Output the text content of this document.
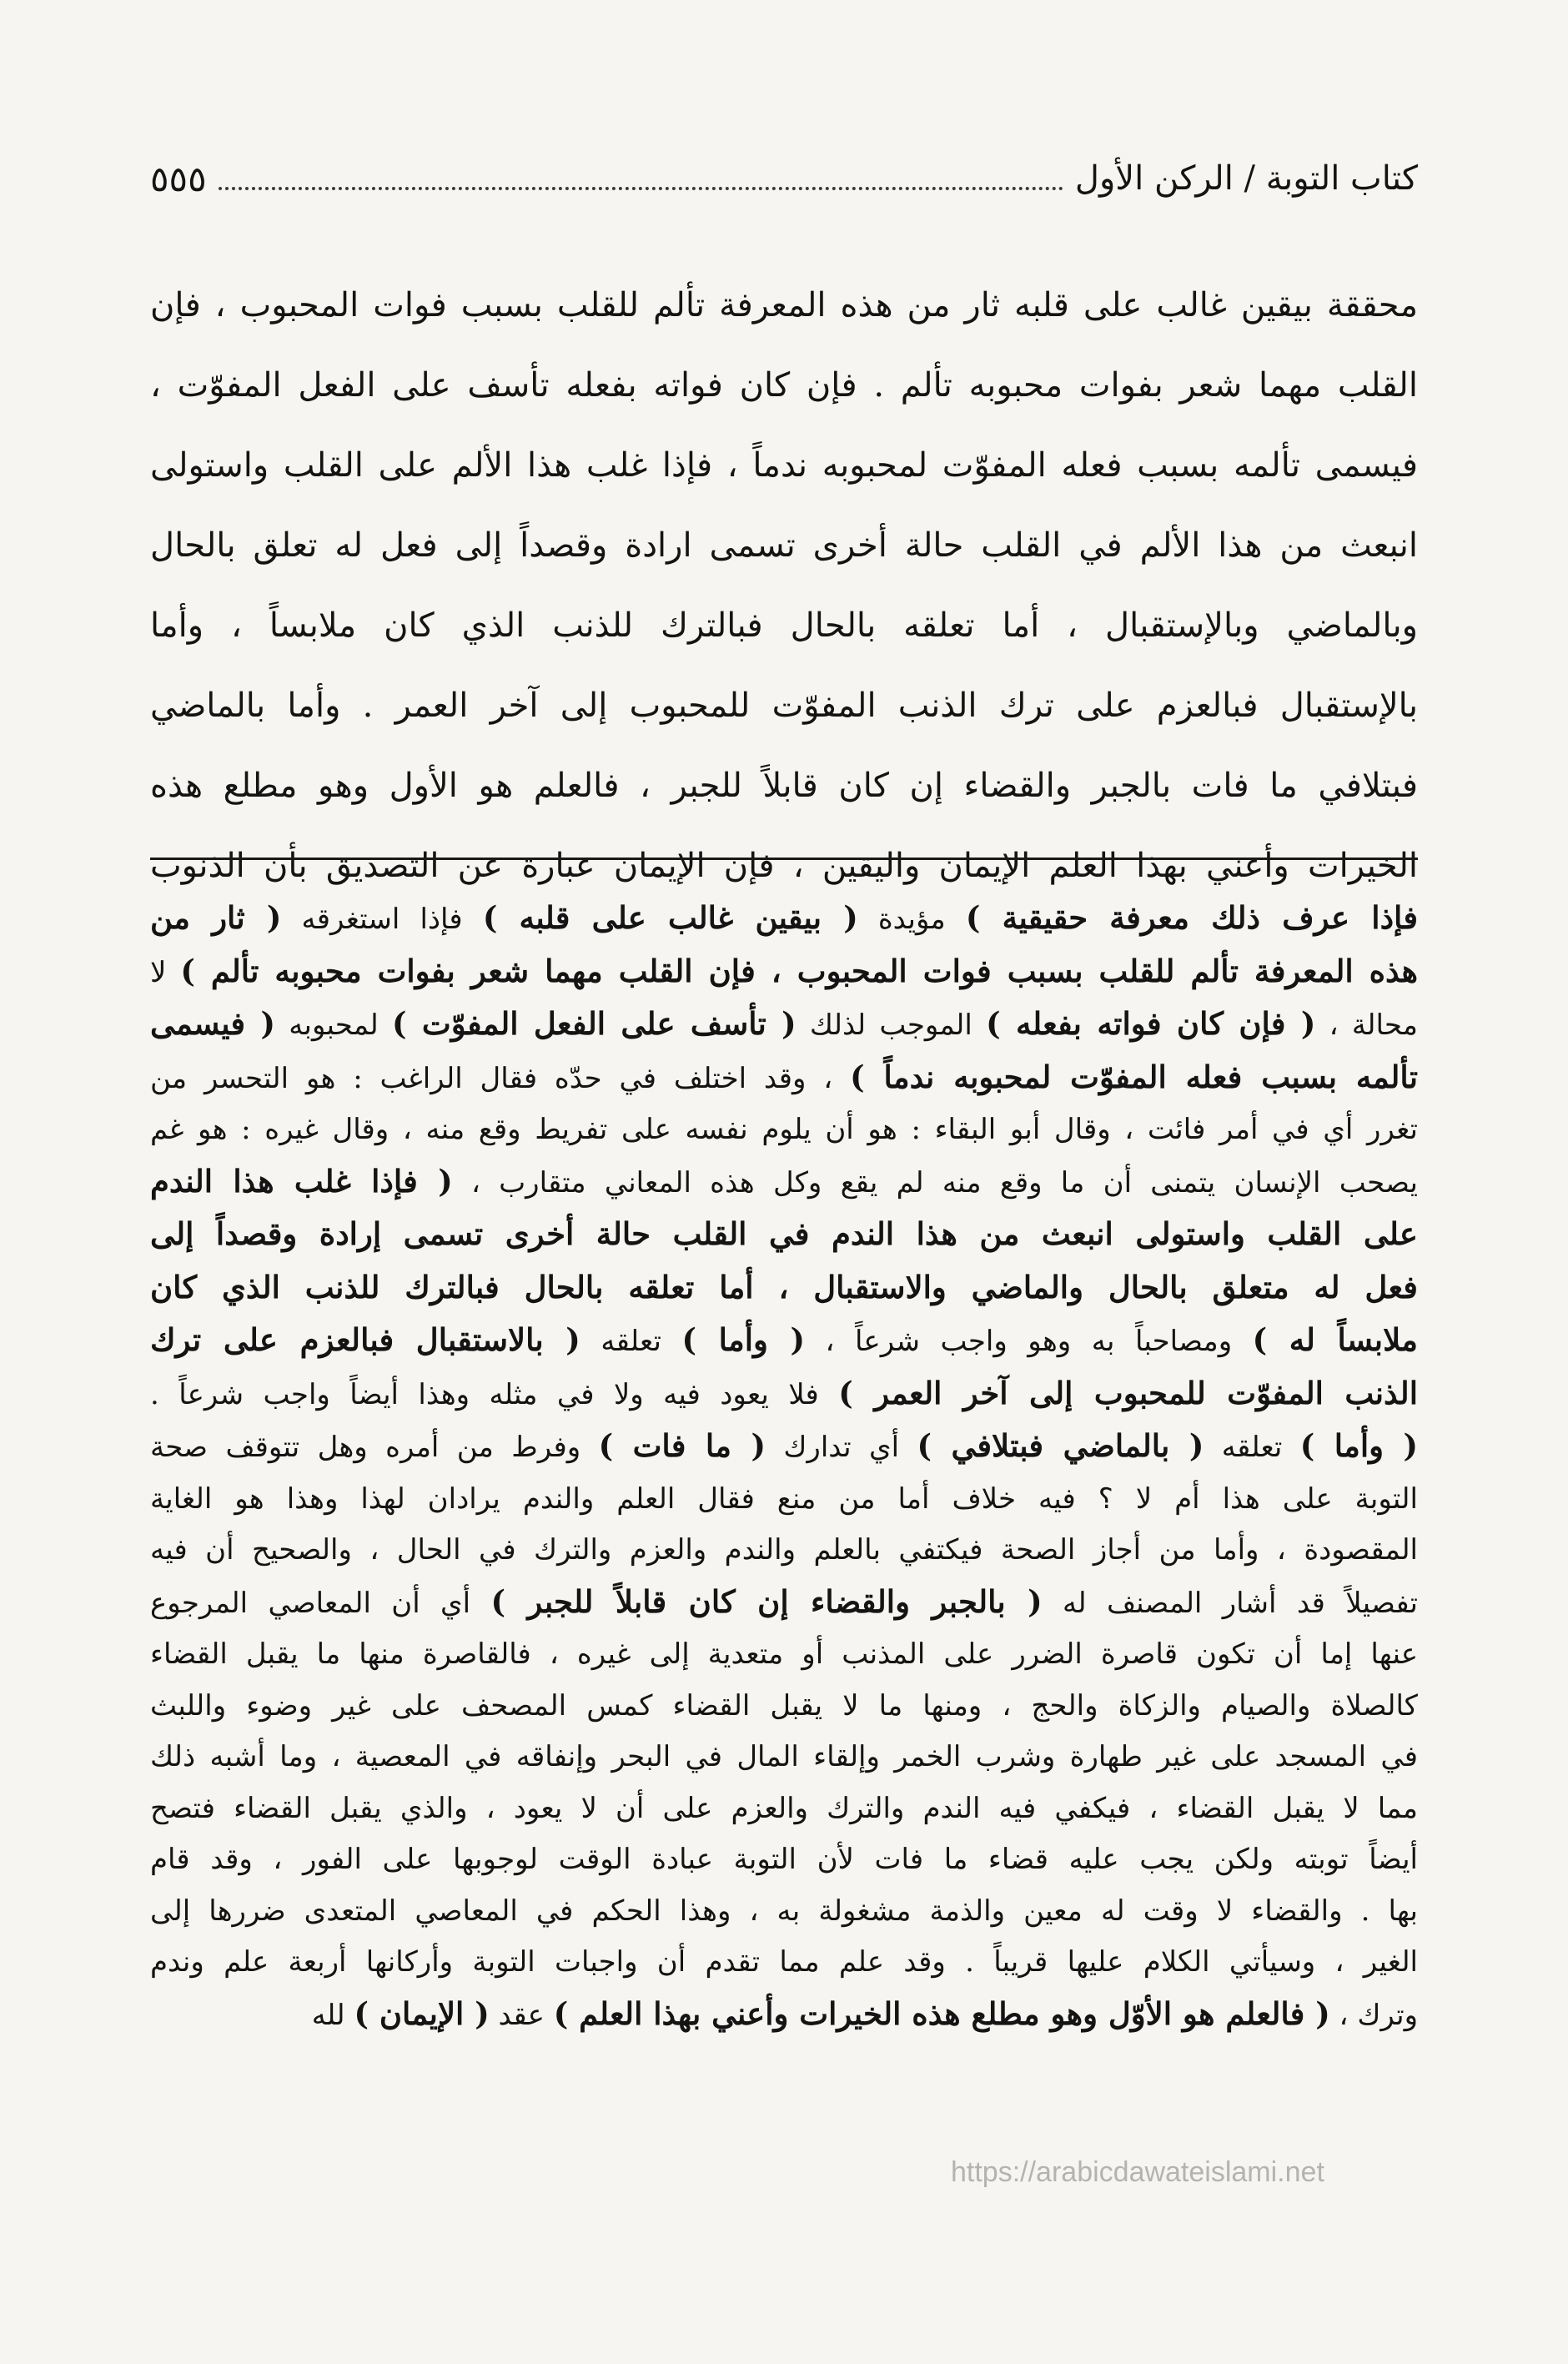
كتاب التوبة / الركن الأول
٥٥٥

محققة بيقين غالب على قلبه ثار من هذه المعرفة تألم للقلب بسبب فوات المحبوب ، فإن

القلب مهما شعر بفوات محبوبه تألم . فإن كان فواته بفعله تأسف على الفعل المفوّت ،

فيسمى تألمه بسبب فعله المفوّت لمحبوبه ندماً ، فإذا غلب هذا الألم على القلب واستولى

انبعث من هذا الألم في القلب حالة أخرى تسمى ارادة وقصداً إلى فعل له تعلق بالحال

وبالماضي وبالإستقبال ، أما تعلقه بالحال فبالترك للذنب الذي كان ملابساً ، وأما

بالإستقبال فبالعزم على ترك الذنب المفوّت للمحبوب إلى آخر العمر . وأما بالماضي

فبتلافي ما فات بالجبر والقضاء إن كان قابلاً للجبر ، فالعلم هو الأول وهو مطلع هذه

الخيرات وأعني بهذا العلم الإيمان واليقين ، فإن الإيمان عبارة عن التصديق بأن الذنوب

فإذا عرف ذلك معرفة حقيقية ) مؤيدة ( بيقين غالب على قلبه ) فإذا استغرقه ( ثار من

هذه المعرفة تألم للقلب بسبب فوات المحبوب ، فإن القلب مهما شعر بفوات محبوبه تألم ) لا

محالة ، ( فإن كان فواته بفعله ) الموجب لذلك ( تأسف على الفعل المفوّت ) لمحبوبه ( فيسمى

تألمه بسبب فعله المفوّت لمحبوبه ندماً ) ، وقد اختلف في حدّه فقال الراغب : هو التحسر من

تغرر أي في أمر فائت ، وقال أبو البقاء : هو أن يلوم نفسه على تفريط وقع منه ، وقال غيره : هو غم

يصحب الإنسان يتمنى أن ما وقع منه لم يقع وكل هذه المعاني متقارب ، ( فإذا غلب هذا الندم

على القلب واستولى انبعث من هذا الندم في القلب حالة أخرى تسمى إرادة وقصداً إلى

فعل له متعلق بالحال والماضي والاستقبال ، أما تعلقه بالحال فبالترك للذنب الذي كان

ملابساً له ) ومصاحباً به وهو واجب شرعاً ، ( وأما ) تعلقه ( بالاستقبال فبالعزم على ترك

الذنب المفوّت للمحبوب إلى آخر العمر ) فلا يعود فيه ولا في مثله وهذا أيضاً واجب شرعاً .

( وأما ) تعلقه ( بالماضي فبتلافي ) أي تدارك ( ما فات ) وفرط من أمره وهل تتوقف صحة

التوبة على هذا أم لا ؟ فيه خلاف أما من منع فقال العلم والندم يرادان لهذا وهذا هو الغاية

المقصودة ، وأما من أجاز الصحة فيكتفي بالعلم والندم والعزم والترك في الحال ، والصحيح أن فيه

تفصيلاً قد أشار المصنف له ( بالجبر والقضاء إن كان قابلاً للجبر ) أي أن المعاصي المرجوع

عنها إما أن تكون قاصرة الضرر على المذنب أو متعدية إلى غيره ، فالقاصرة منها ما يقبل القضاء

كالصلاة والصيام والزكاة والحج ، ومنها ما لا يقبل القضاء كمس المصحف على غير وضوء واللبث

في المسجد على غير طهارة وشرب الخمر وإلقاء المال في البحر وإنفاقه في المعصية ، وما أشبه ذلك

مما لا يقبل القضاء ، فيكفي فيه الندم والترك والعزم على أن لا يعود ، والذي يقبل القضاء فتصح

أيضاً توبته ولكن يجب عليه قضاء ما فات لأن التوبة عبادة الوقت لوجوبها على الفور ، وقد قام

بها . والقضاء لا وقت له معين والذمة مشغولة به ، وهذا الحكم في المعاصي المتعدى ضررها إلى

الغير ، وسيأتي الكلام عليها قريباً . وقد علم مما تقدم أن واجبات التوبة وأركانها أربعة علم وندم

وترك ، ( فالعلم هو الأوّل وهو مطلع هذه الخيرات وأعني بهذا العلم ) عقد ( الإيمان ) لله

https://arabicdawateislami.net
